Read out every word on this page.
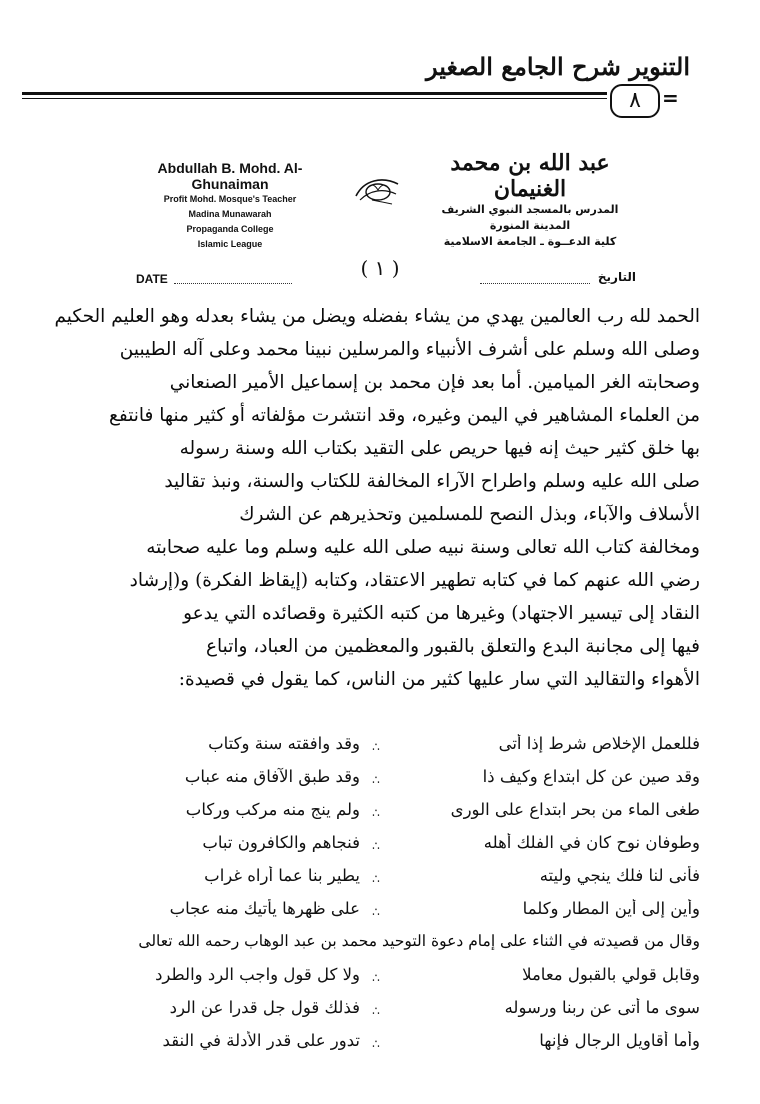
التنوير شرح الجامع الصغير
٨	=
Abdullah B. Mohd. Al-Ghunaiman
Profit Mohd. Mosque's Teacher
Madina Munawarah
Propaganda College
Islamic League
عبد الله بن محمد الغنيمان
المدرس بالمسجد النبوي الشريف
المدينة المنورة
كلية الدعــوة ـ الجامعة الاسلامية
( ١ )
DATE	التاريخ
الحمد لله رب العالمين يهدي من يشاء بفضله ويضل من يشاء بعدله وهو العليم الحكيم
وصلى الله وسلم على أشرف الأنبياء والمرسلين نبينا محمد وعلى آله الطيبين
وصحابته الغر الميامين. أما بعد فإن محمد بن إسماعيل الأمير الصنعاني
من العلماء المشاهير في اليمن وغيره، وقد انتشرت مؤلفاته أو كثير منها فانتفع
بها خلق كثير حيث إنه فيها حريص على التقيد بكتاب الله وسنة رسوله
صلى الله عليه وسلم واطراح الآراء المخالفة للكتاب والسنة، ونبذ تقاليد
الأسلاف والآباء، وبذل النصح للمسلمين وتحذيرهم عن الشرك
ومخالفة كتاب الله تعالى وسنة نبيه صلى الله عليه وسلم وما عليه صحابته
رضي الله عنهم كما في كتابه تطهير الاعتقاد، وكتابه (إيقاظ الفكرة) و(إرشاد
النقاد إلى تيسير الاجتهاد) وغيرها من كتبه الكثيرة وقصائده التي يدعو
فيها إلى مجانبة البدع والتعلق بالقبور والمعظمين من العباد، واتباع
الأهواء والتقاليد التي سار عليها كثير من الناس، كما يقول في قصيدة:
فللعمل الإخلاص شرط إذا أتى
∴
وقد وافقته سنة وكتاب
وقد صين عن كل ابتداع وكيف ذا
∴
وقد طبق الآفاق منه عباب
طغى الماء من بحر ابتداع على الورى
∴
ولم ينج منه مركب وركاب
وطوفان نوح كان في الفلك أهله
∴
فنجاهم والكافرون تباب
فأنى لنا فلك ينجي وليته
∴
يطير بنا عما أراه غراب
وأين إلى أين المطار وكلما
∴
على ظهرها يأتيك منه عجاب
وقال من قصيدته في الثناء على إمام دعوة التوحيد محمد بن عبد الوهاب رحمه الله تعالى
وقابل قولي بالقبول معاملا
∴
ولا كل قول واجب الرد والطرد
سوى ما أتى عن ربنا ورسوله
∴
فذلك قول جل قدرا عن الرد
وأما أقاويل الرجال فإنها
∴
تدور على قدر الأدلة في النقد
